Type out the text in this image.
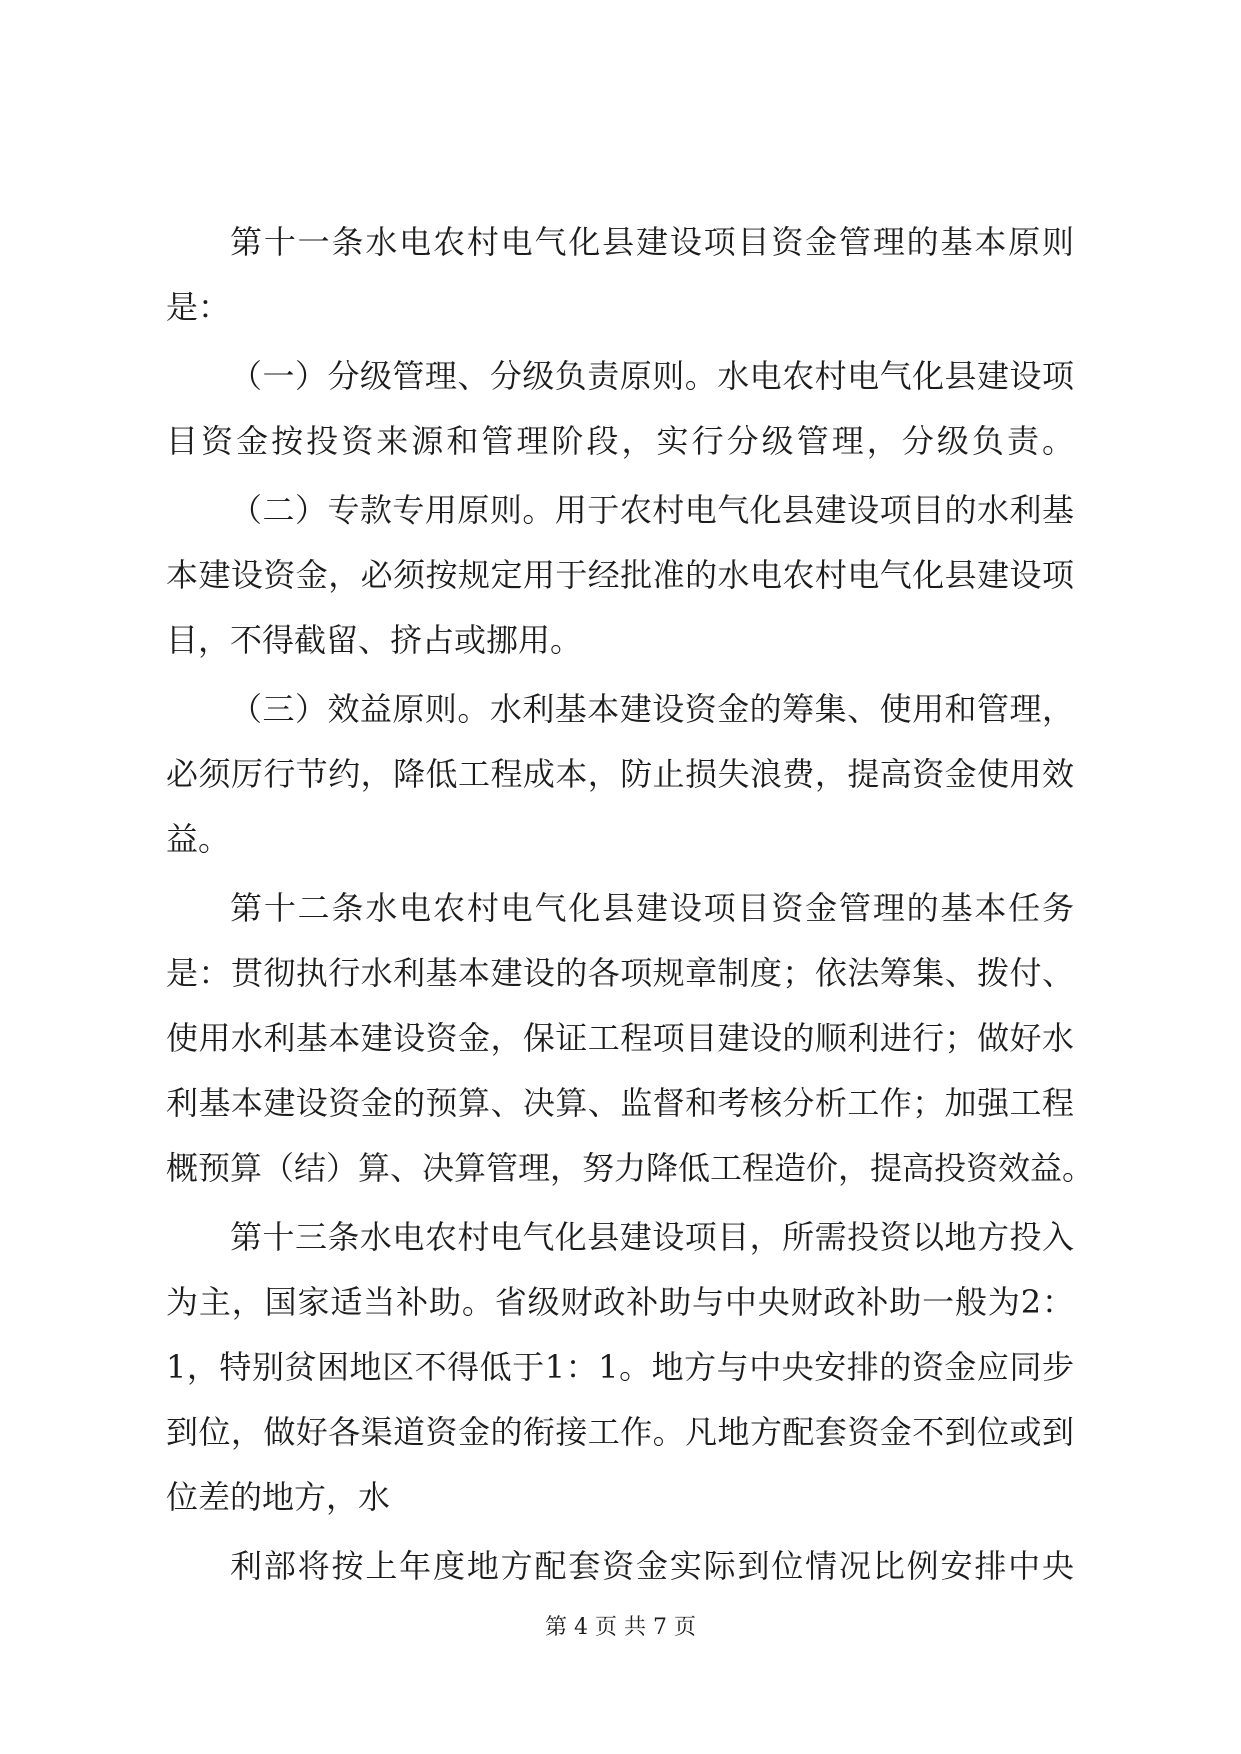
第十一条水电农村电气化县建设项目资金管理的基本原则
是：
（一）分级管理、分级负责原则。水电农村电气化县建设项
目资金按投资来源和管理阶段，实行分级管理，分级负责。
（二）专款专用原则。用于农村电气化县建设项目的水利基
本建设资金，必须按规定用于经批准的水电农村电气化县建设项
目，不得截留、挤占或挪用。
（三）效益原则。水利基本建设资金的筹集、使用和管理，
必须厉行节约，降低工程成本，防止损失浪费，提高资金使用效
益。
第十二条水电农村电气化县建设项目资金管理的基本任务
是：贯彻执行水利基本建设的各项规章制度；依法筹集、拨付、
使用水利基本建设资金，保证工程项目建设的顺利进行；做好水
利基本建设资金的预算、决算、监督和考核分析工作；加强工程
概预算（结）算、决算管理，努力降低工程造价，提高投资效益。
第十三条水电农村电气化县建设项目，所需投资以地方投入
为主，国家适当补助。省级财政补助与中央财政补助一般为2：
1，特别贫困地区不得低于1：1。地方与中央安排的资金应同步
到位，做好各渠道资金的衔接工作。凡地方配套资金不到位或到
位差的地方，水
利部将按上年度地方配套资金实际到位情况比例安排中央
第 4 页 共 7 页
